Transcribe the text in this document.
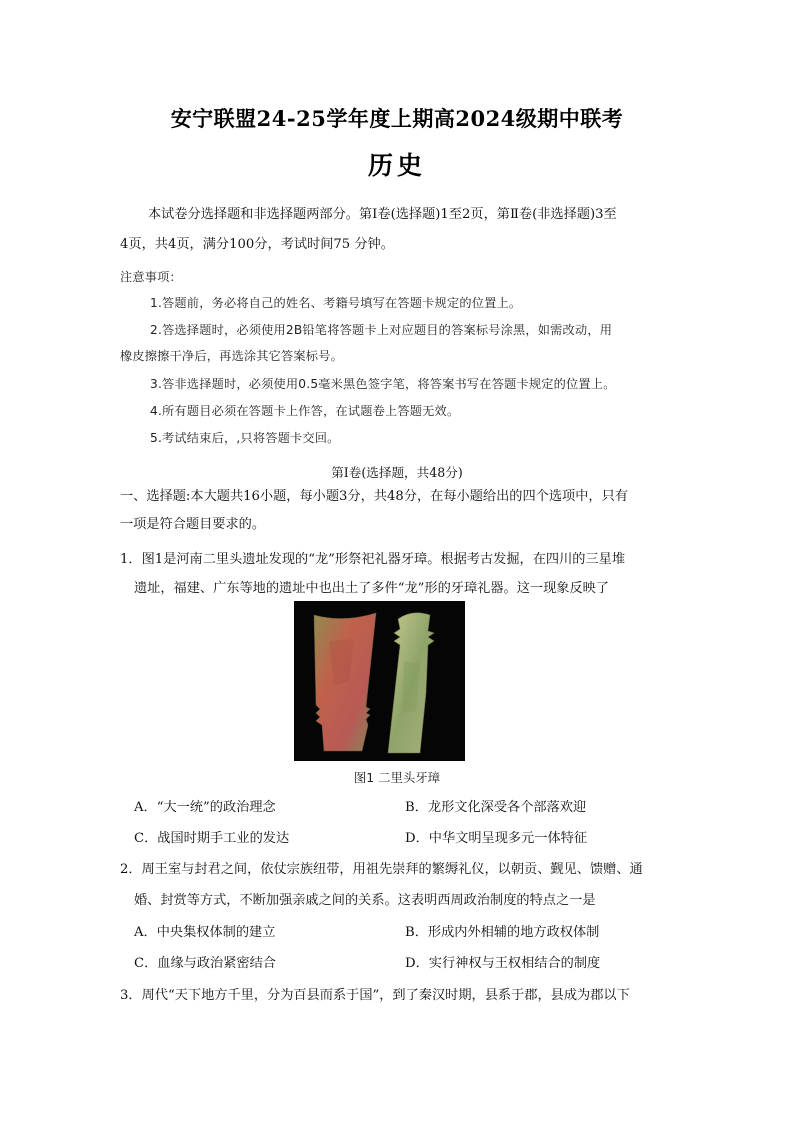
安宁联盟24-25学年度上期高2024级期中联考
历史
本试卷分选择题和非选择题两部分。第Ⅰ卷(选择题)1至2页，第Ⅱ卷(非选择题)3至
4页，共4页，满分100分，考试时间75 分钟。
注意事项：
1.答题前，务必将自己的姓名、考籍号填写在答题卡规定的位置上。
2.答选择题时，必须使用2B铅笔将答题卡上对应题目的答案标号涂黑，如需改动，用
橡皮擦擦干净后，再选涂其它答案标号。
3.答非选择题时，必须使用0.5毫米黑色签字笔，将答案书写在答题卡规定的位置上。
4.所有题目必须在答题卡上作答，在试题卷上答题无效。
5.考试结束后，,只将答题卡交回。
第Ⅰ卷(选择题，共48分)
一、选择题:本大题共16小题，每小题3分，共48分，在每小题给出的四个选项中，只有
一项是符合题目要求的。
1．图1是河南二里头遗址发现的“龙”形祭祀礼器牙璋。根据考古发掘，在四川的三星堆
遗址，福建、广东等地的遗址中也出土了多件“龙”形的牙璋礼器。这一现象反映了
图1 二里头牙璋
A．“大一统”的政治理念	B．龙形文化深受各个部落欢迎
C．战国时期手工业的发达	D．中华文明呈现多元一体特征
2．周王室与封君之间，依仗宗族纽带，用祖先崇拜的繁缛礼仪，以朝贡、觐见、馈赠、通
婚、封赏等方式，不断加强亲戚之间的关系。这表明西周政治制度的特点之一是
A．中央集权体制的建立	B．形成内外相辅的地方政权体制
C．血缘与政治紧密结合	D．实行神权与王权相结合的制度
3．周代“天下地方千里，分为百县而系于国”，到了秦汉时期，县系于郡，县成为郡以下
